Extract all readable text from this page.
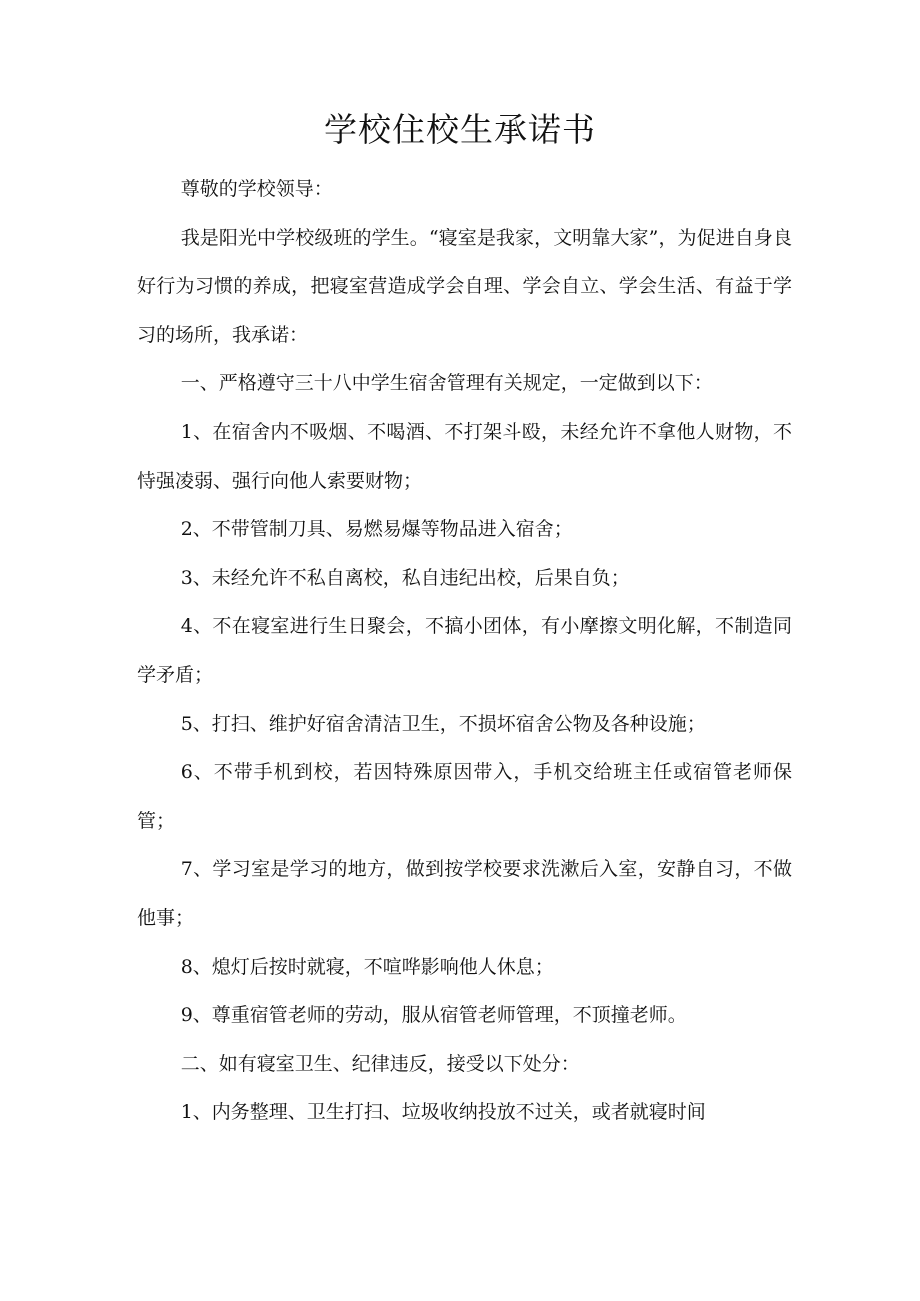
学校住校生承诺书

尊敬的学校领导：

我是阳光中学校级班的学生。“寝室是我家，文明靠大家”，为促进自身良好行为习惯的养成，把寝室营造成学会自理、学会自立、学会生活、有益于学习的场所，我承诺：

一、严格遵守三十八中学生宿舍管理有关规定，一定做到以下：

1、在宿舍内不吸烟、不喝酒、不打架斗殴，未经允许不拿他人财物，不恃强凌弱、强行向他人索要财物；

2、不带管制刀具、易燃易爆等物品进入宿舍；

3、未经允许不私自离校，私自违纪出校，后果自负；

4、不在寝室进行生日聚会，不搞小团体，有小摩擦文明化解，不制造同学矛盾；

5、打扫、维护好宿舍清洁卫生，不损坏宿舍公物及各种设施；

6、不带手机到校，若因特殊原因带入，手机交给班主任或宿管老师保管；

7、学习室是学习的地方，做到按学校要求洗漱后入室，安静自习，不做他事；

8、熄灯后按时就寝，不喧哗影响他人休息；

9、尊重宿管老师的劳动，服从宿管老师管理，不顶撞老师。

二、如有寝室卫生、纪律违反，接受以下处分：

1、内务整理、卫生打扫、垃圾收纳投放不过关，或者就寝时间
